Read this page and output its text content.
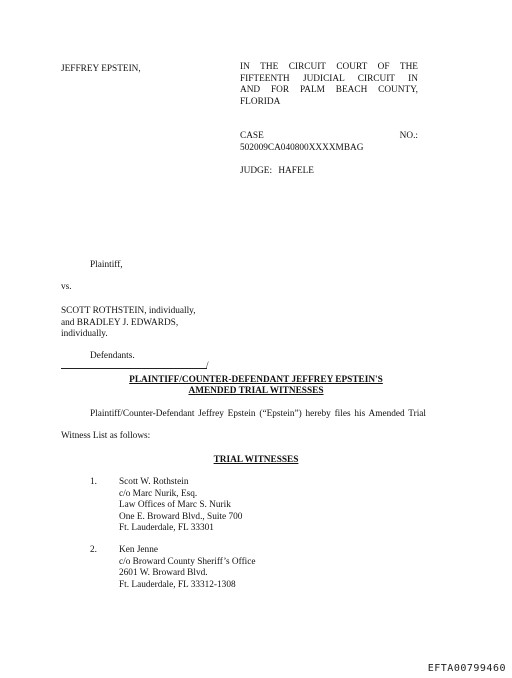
JEFFREY EPSTEIN,	IN THE CIRCUIT COURT OF THE
FIFTEENTH JUDICIAL CIRCUIT IN
AND FOR PALM BEACH COUNTY,
FLORIDA
CASE	NO.:
502009CA040800XXXXMBAG
JUDGE: HAFELE
Plaintiff,
vs.
SCOTT ROTHSTEIN, individually,
and BRADLEY J. EDWARDS,
individually.
Defendants.
/
PLAINTIFF/COUNTER-DEFENDANT JEFFREY EPSTEIN'S
AMENDED TRIAL WITNESSES
Plaintiff/Counter-Defendant Jeffrey Epstein (“Epstein”) hereby files his Amended Trial
Witness List as follows:
TRIAL WITNESSES
1. Scott W. Rothstein
c/o Marc Nurik, Esq.
Law Offices of Marc S. Nurik
One E. Broward Blvd., Suite 700
Ft. Lauderdale, FL 33301
2. Ken Jenne
c/o Broward County Sheriff’s Office
2601 W. Broward Blvd.
Ft. Lauderdale, FL 33312-1308
EFTA00799460
